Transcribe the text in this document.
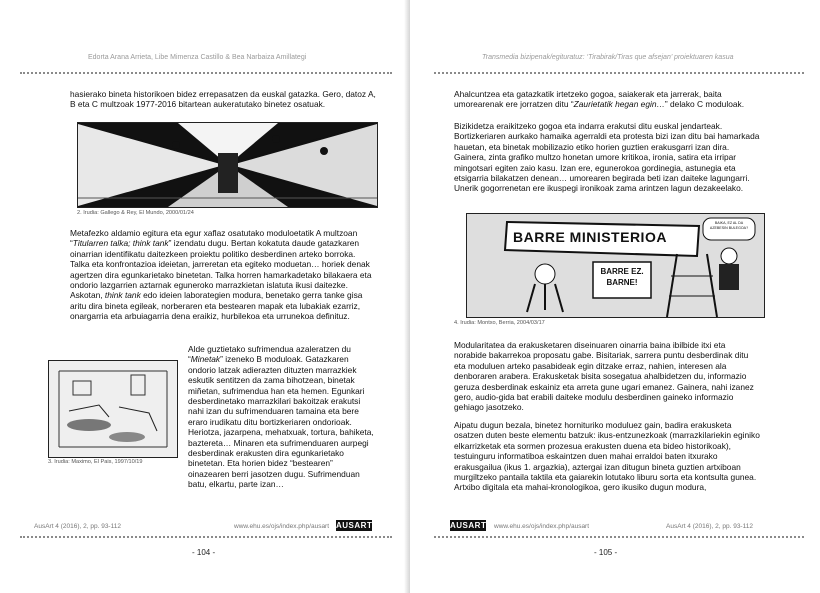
Edorta Arana Arrieta, Libe Mimenza Castillo & Bea Narbaiza Amillategi

hasierako bineta historikoen bidez errepasatzen da euskal gatazka. Gero, datoz A, B eta C multzoak 1977-2016 bitartean aukeratutako binetez osatuak.

2. Irudia: Gallego & Rey, El Mundo, 2000/01/24

Metafezko aldamio egitura eta egur xaflaz osatutako moduloetatik A multzoan “Titularren talka; think tank” izendatu dugu. Bertan kokatuta daude gatazkaren oinarrian identifikatu daitezkeen proiektu politiko desberdinen arteko borroka. Talka eta konfrontazioa ideietan, jarreretan eta egiteko moduetan… horiek denak agertzen dira egunkarietako binetetan. Talka horren hamarkadetako bilakaera eta ondorio lazgarrien aztarnak eguneroko marrazkietan islatuta ikusi daitezke. Askotan, think tank edo ideien laborategien modura, benetako gerra tanke gisa aritu dira bineta egileak, norberaren eta bestearen mapak eta lubakiak ezarriz, onargarria eta arbuiagarria dena eraikiz, hurbilekoa eta urrunekoa definituz.

3. Irudia: Maximo, El Pais, 1997/10/19

Alde guztietako sufrimendua azaleratzen du “Minetak” izeneko B moduloak. Gatazkaren ondorio latzak adierazten dituzten marrazkiek eskutik sentitzen da zama bihotzean, binetak miñetan, sufrimendua han eta hemen. Egunkari desberdinetako marrazkilari bakoitzak erakutsi nahi izan du sufrimenduaren tamaina eta bere eraro irudikatu ditu bortizkeriaren ondorioak. Heriotza, jazarpena, mehatxuak, tortura, bahiketa, baztereta… Minaren eta sufrimenduaren aurpegi desberdinak erakusten dira egunkarietako binetetan. Eta horien bidez “bestearen” oinazearen berri jasotzen dugu. Sufrimenduan batu, elkartu, parte izan…

AusArt 4 (2016), 2, pp. 93-112	www.ehu.es/ojs/index.php/ausart AUSART
- 104 -
Transmedia bizipenak/egituratuz: ‘Tirabirak/Tiras que afsejan’ proiektuaren kasua

Ahalcuntzea eta gatazkatik irtetzeko gogoa, saiakerak eta jarrerak, baita umorearenak ere jorratzen ditu “Zaurietatik hegan egin…” delako C moduloak.

Bizikidetza eraikitzeko gogoa eta indarra erakutsi ditu euskal jendarteak. Bortizkeriaren aurkako hamaika agerraldi eta protesta bizi izan ditu bai hamarkada hauetan, eta binetak mobilizazio etiko horien guztien erakusgarri izan dira. Gainera, zinta grafiko multzo honetan umore kritikoa, ironia, satira eta irripar mingotsari egiten zaio kasu. Izan ere, egunerokoa gordinegia, astunegia eta etsigarria bilakatzen denean… umorearen begirada beti izan daiteke lagungarri. Unerik gogorrenetan ere ikuspegi ironikoak zama arintzen lagun dezakeelako.

BARRE MINISTERIOA
BAIKA, EZ AL DA AZEBESIN BULEGOA?
BARRE EZ. BARNE!
4. Irudia: Montxo, Berria, 2004/03/17

Modularitatea da erakusketaren diseinuaren oinarria baina ibilbide itxi eta norabide bakarrekoa proposatu gabe. Bisitariak, sarrera puntu desberdinak ditu eta moduluen arteko pasabideak egin ditzake erraz, nahien, interesen ala denboraren arabera. Erakusketak bisita sosegatua ahalbidetzen du, informazio geruza desberdinak eskainiz eta arreta gune ugari emanez. Gainera, nahi izanez gero, audio-gida bat erabili daiteke modulu desberdinen gaineko informazio gehiago jasotzeko.

Aipatu dugun bezala, binetez hornituriko moduluez gain, badira erakusketa osatzen duten beste elementu batzuk: ikus-entzunezkoak (marrazkilariekin eginiko elkarrizketak eta sormen prozesua erakusten duena eta bideo historikoak), testuinguru informatiboa eskaintzen duen mahai erraldoi baten itxurako erakusgailua (ikus 1. argazkia), aztergai izan ditugun bineta guztien artxiboan murgiltzeko pantaila taktila eta gaiarekin lotutako liburu sorta eta kontsulta gunea. Artxibo digitala eta mahai-kronologikoa, gero ikusiko dugun modura,

AUSART www.ehu.es/ojs/index.php/ausart	AusArt 4 (2016), 2, pp. 93-112
- 105 -
